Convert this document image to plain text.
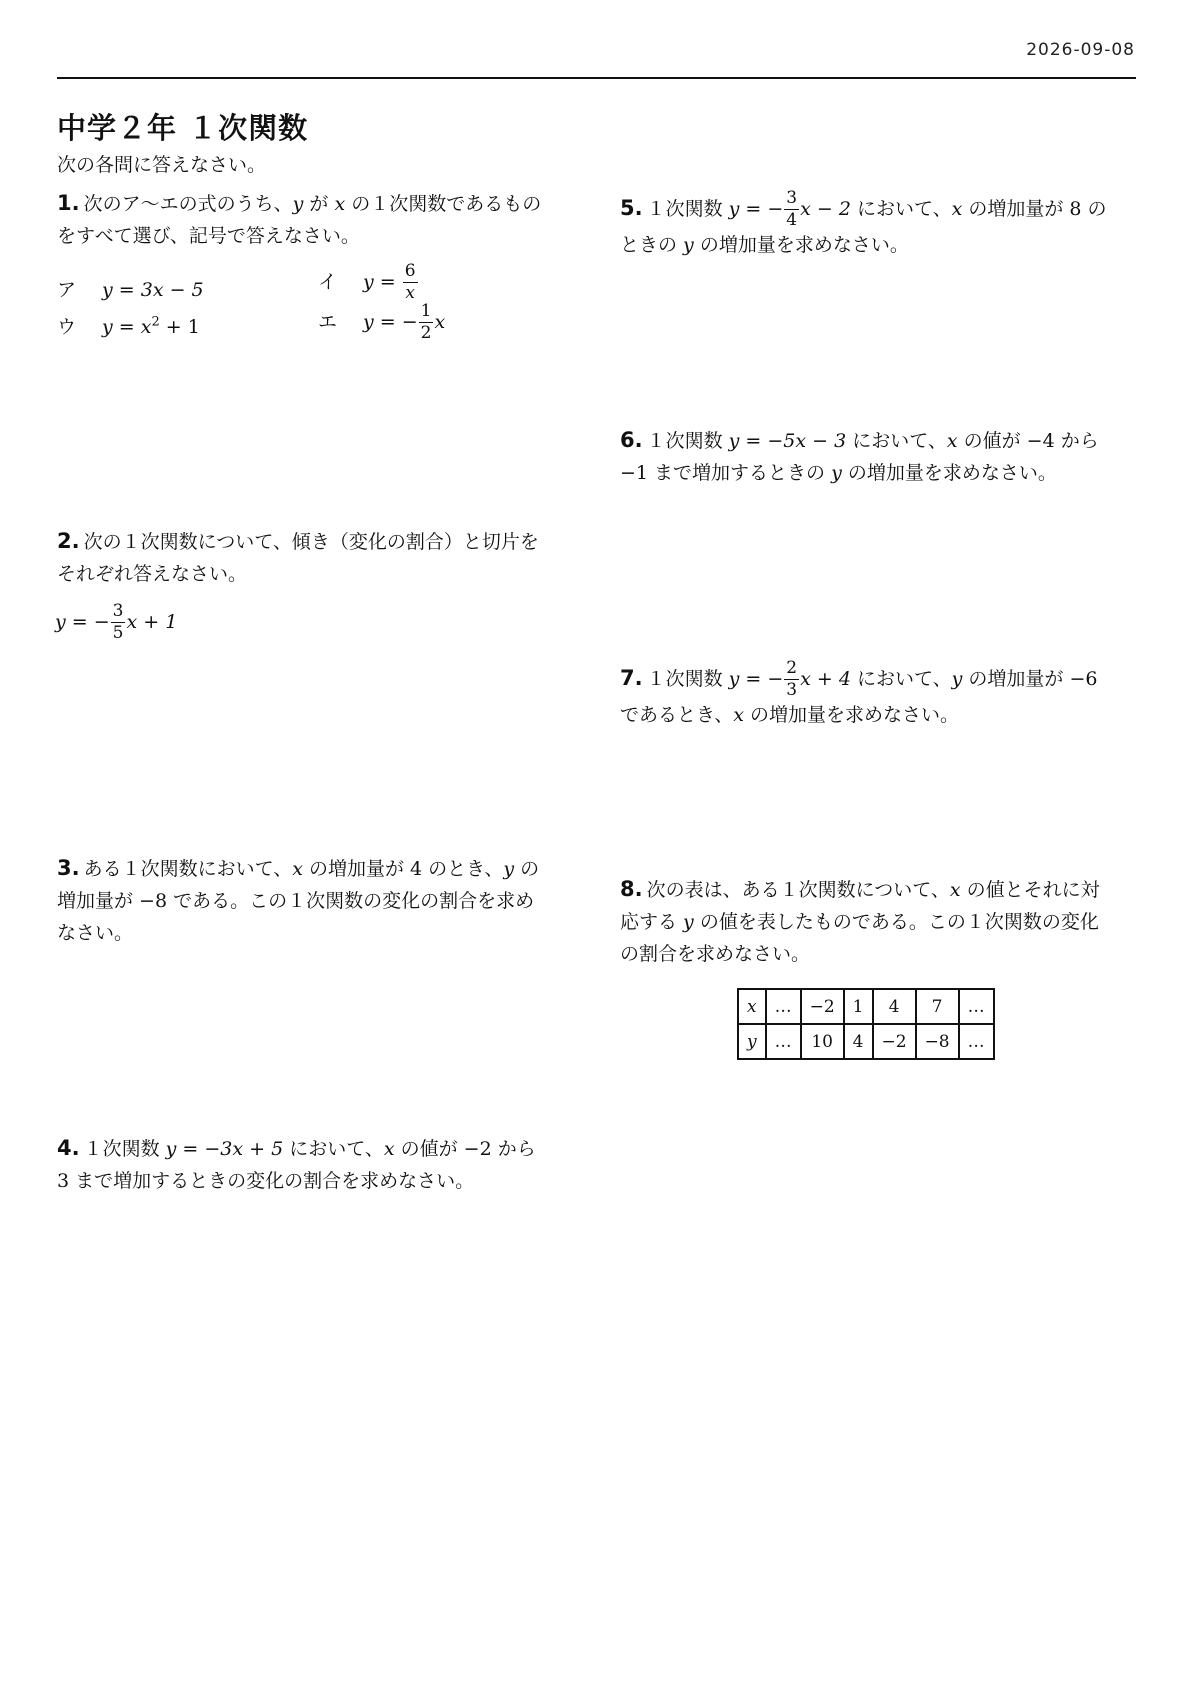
2026-09-08
中学２年 １次関数
次の各問に答えなさい。
1. 次のア～エの式のうち、y が x の１次関数であるもの
をすべて選び、記号で答えなさい。
ア y = 3x − 5	イ $y = \frac{6}{x}$
ウ $y = x^2 + 1$	エ y = − $\frac{1}{2}$ x
2. 次の１次関数について、傾き（変化の割合）と切片を
それぞれ答えなさい。
y = − $\frac{3}{5}$ x + 1
3. ある１次関数において、x の増加量が 4 のとき、y の
増加量が −8 である。この１次関数の変化の割合を求め
なさい。
4. １次関数 y = −3x + 5 において、x の値が −2 から
3 まで増加するときの変化の割合を求めなさい。
5. １次関数 y = − $\frac{3}{4}$ x − 2 において、x の増加量が 8 の
ときの y の増加量を求めなさい。
6. １次関数 y = −5x − 3 において、x の値が −4 から
−1 まで増加するときの y の増加量を求めなさい。
7. １次関数 y = − $\frac{2}{3}$ x + 4 において、y の増加量が −6
であるとき、x の増加量を求めなさい。
8. 次の表は、ある１次関数について、x の値とそれに対
応する y の値を表したものである。この１次関数の変化
の割合を求めなさい。
x	…	−2	1	4	7	…
y	…	10	4	−2	−8	…
